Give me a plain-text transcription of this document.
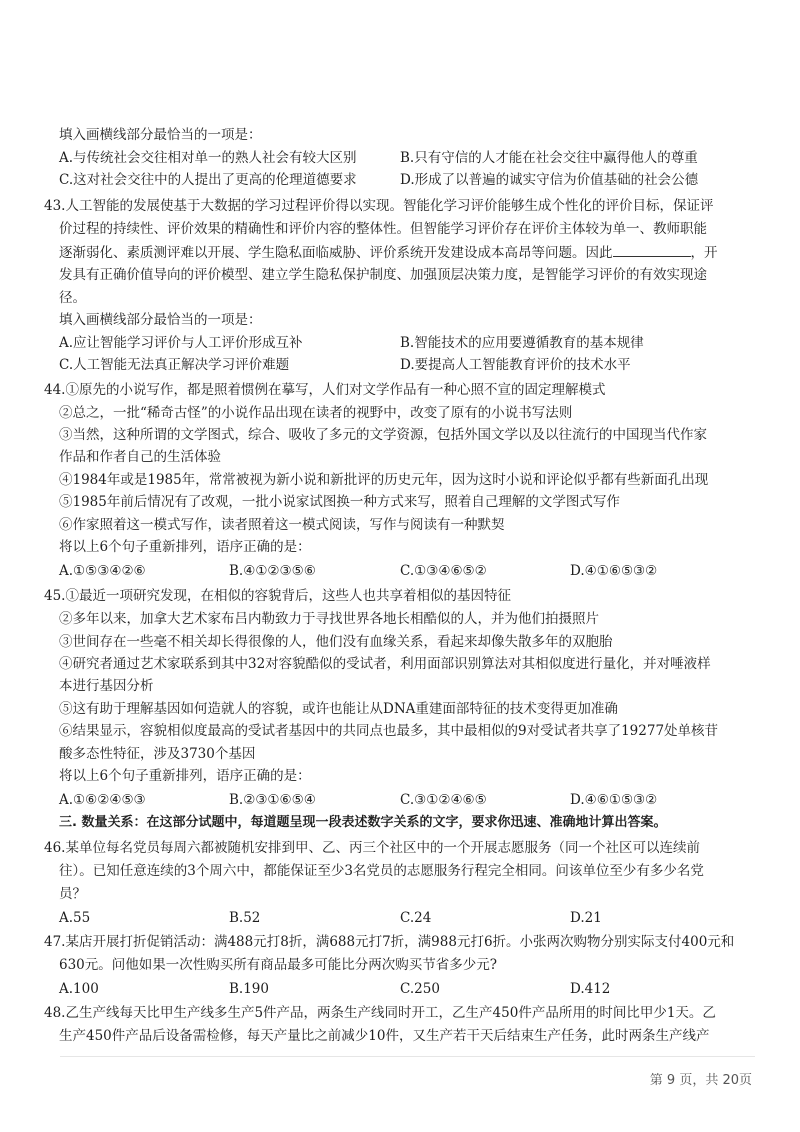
填入画横线部分最恰当的一项是：
A.与传统社会交往相对单一的熟人社会有较大区别	B.只有守信的人才能在社会交往中赢得他人的尊重
C.这对社会交往中的人提出了更高的伦理道德要求	D.形成了以普遍的诚实守信为价值基础的社会公德
43.人工智能的发展使基于大数据的学习过程评价得以实现。智能化学习评价能够生成个性化的评价目标，保证评
价过程的持续性、评价效果的精确性和评价内容的整体性。但智能学习评价存在评价主体较为单一、教师职能
逐渐弱化、素质测评难以开展、学生隐私面临威胁、评价系统开发建设成本高昂等问题。因此	，开
发具有正确价值导向的评价模型、建立学生隐私保护制度、加强顶层决策力度，是智能学习评价的有效实现途
径。
填入画横线部分最恰当的一项是：
A.应让智能学习评价与人工评价形成互补	B.智能技术的应用要遵循教育的基本规律
C.人工智能无法真正解决学习评价难题	D.要提高人工智能教育评价的技术水平
44.①原先的小说写作，都是照着惯例在摹写，人们对文学作品有一种心照不宣的固定理解模式
②总之，一批“稀奇古怪”的小说作品出现在读者的视野中，改变了原有的小说书写法则
③当然，这种所谓的文学图式，综合、吸收了多元的文学资源，包括外国文学以及以往流行的中国现当代作家
作品和作者自己的生活体验
④1984年或是1985年，常常被视为新小说和新批评的历史元年，因为这时小说和评论似乎都有些新面孔出现
⑤1985年前后情况有了改观，一批小说家试图换一种方式来写，照着自己理解的文学图式写作
⑥作家照着这一模式写作，读者照着这一模式阅读，写作与阅读有一种默契
将以上6个句子重新排列，语序正确的是：
A.①⑤③④②⑥	B.④①②③⑤⑥	C.①③④⑥⑤②	D.④①⑥⑤③②
45.①最近一项研究发现，在相似的容貌背后，这些人也共享着相似的基因特征
②多年以来，加拿大艺术家布吕内勒致力于寻找世界各地长相酷似的人，并为他们拍摄照片
③世间存在一些毫不相关却长得很像的人，他们没有血缘关系，看起来却像失散多年的双胞胎
④研究者通过艺术家联系到其中32对容貌酷似的受试者，利用面部识别算法对其相似度进行量化，并对唾液样
本进行基因分析
⑤这有助于理解基因如何造就人的容貌，或许也能让从DNA重建面部特征的技术变得更加准确
⑥结果显示，容貌相似度最高的受试者基因中的共同点也最多，其中最相似的9对受试者共享了19277处单核苷
酸多态性特征，涉及3730个基因
将以上6个句子重新排列，语序正确的是：
A.①⑥②④⑤③	B.②③①⑥⑤④	C.③①②④⑥⑤	D.④⑥①⑤③②
三. 数量关系：在这部分试题中，每道题呈现一段表述数字关系的文字，要求你迅速、准确地计算出答案。
46.某单位每名党员每周六都被随机安排到甲、乙、丙三个社区中的一个开展志愿服务（同一个社区可以连续前
往）。已知任意连续的3个周六中，都能保证至少3名党员的志愿服务行程完全相同。问该单位至少有多少名党
员？
A.55	B.52	C.24	D.21
47.某店开展打折促销活动：满488元打8折，满688元打7折，满988元打6折。小张两次购物分别实际支付400元和
630元。问他如果一次性购买所有商品最多可能比分两次购买节省多少元?
A.100	B.190	C.250	D.412
48.乙生产线每天比甲生产线多生产5件产品，两条生产线同时开工，乙生产450件产品所用的时间比甲少1天。乙
生产450件产品后设备需检修，每天产量比之前减少10件，又生产若干天后结束生产任务，此时两条生产线产
第 9 页，共 20页
